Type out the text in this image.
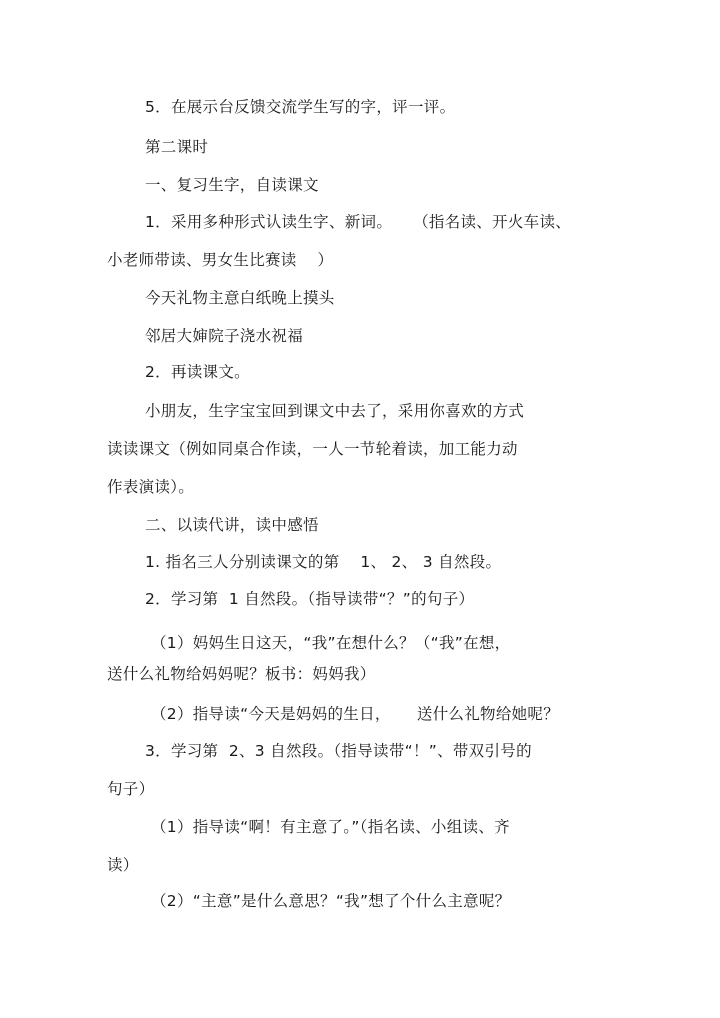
5．在展示台反馈交流学生写的字，评一评。
第二课时
一、复习生字，自读课文
1．采用多种形式认读生字、新词。    （指名读、开火车读、
小老师带读、男女生比赛读    ）
今天礼物主意白纸晚上摸头
邻居大婶院子浇水祝福
2．再读课文。
小朋友，生字宝宝回到课文中去了，采用你喜欢的方式
读读课文（例如同桌合作读，一人一节轮着读，加工能力动
作表演读）。
二、以读代讲，读中感悟
1. 指名三人分别读课文的第    1、 2、 3 自然段。
2．学习第  1 自然段。（指导读带“？”的句子）
（1）妈妈生日这天，“我”在想什么？（“我”在想，
送什么礼物给妈妈呢？板书：妈妈我）
（2）指导读“今天是妈妈的生日，     送什么礼物给她呢？
3．学习第  2、3 自然段。（指导读带“！”、带双引号的
句子）
（1）指导读“啊！有主意了。”（指名读、小组读、齐
读）
（2）“主意”是什么意思？“我”想了个什么主意呢？
